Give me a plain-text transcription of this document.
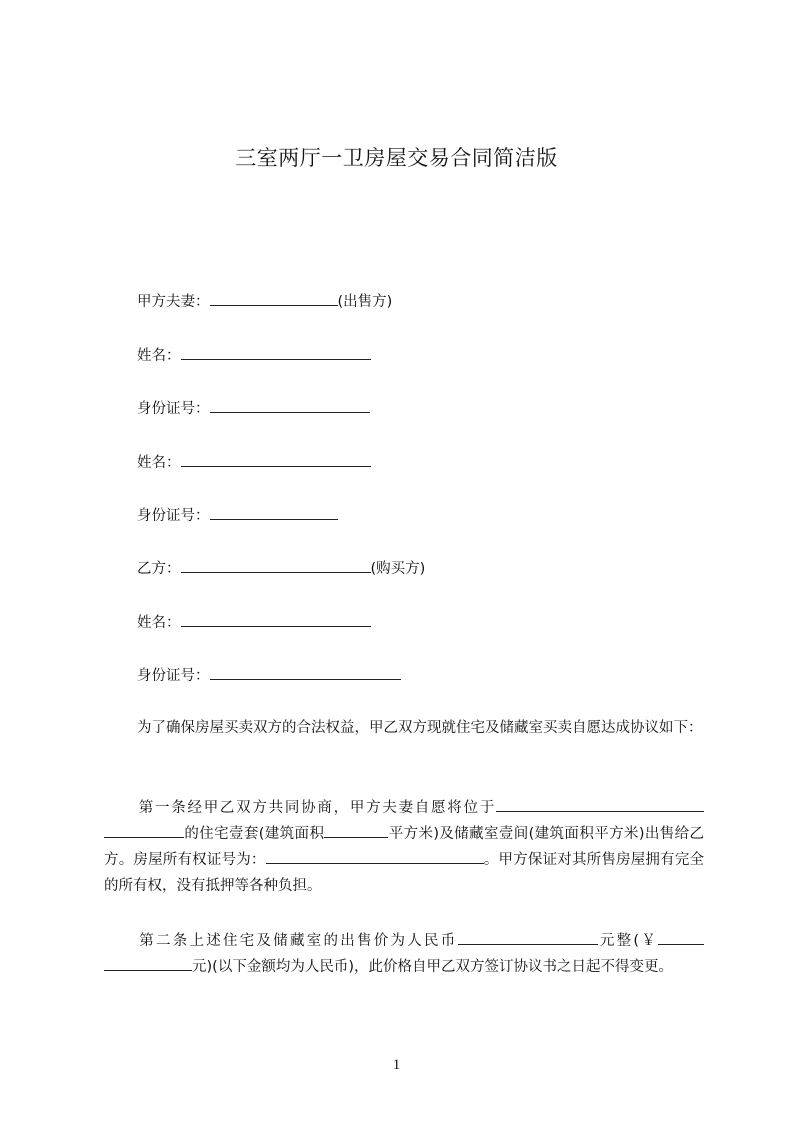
三室两厅一卫房屋交易合同简洁版
甲方夫妻：	(出售方)
姓名：
身份证号：
姓名：
身份证号：
乙方：	(购买方)
姓名：
身份证号：
为了确保房屋买卖双方的合法权益，甲乙双方现就住宅及储藏室买卖自愿达成协议如下：
第一条经甲乙双方共同协商，甲方夫妻自愿将位于的住宅壹套(建筑面积	平方米)及储藏室壹间(建筑面积平方米)出售给乙方。房屋所有权证号为：	。甲方保证对其所售房屋拥有完全的所有权，没有抵押等各种负担。
第二条上述住宅及储藏室的出售价为人民币	元整(￥元)(以下金额均为人民币)，此价格自甲乙双方签订协议书之日起不得变更。
1
